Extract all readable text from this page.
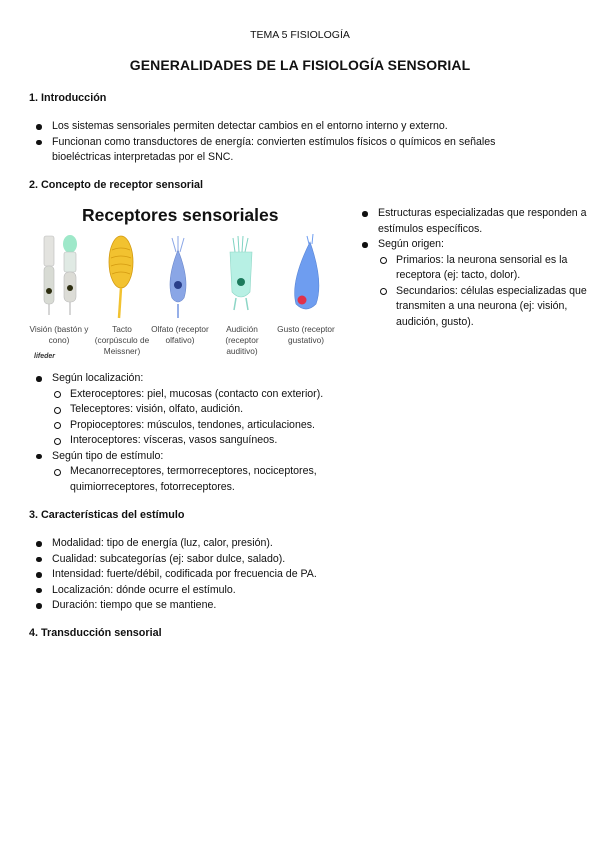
TEMA 5 FISIOLOGÍA
GENERALIDADES DE LA FISIOLOGÍA SENSORIAL
1. Introducción
Los sistemas sensoriales permiten detectar cambios en el entorno interno y externo.
Funcionan como transductores de energía: convierten estímulos físicos o químicos en señales bioeléctricas interpretadas por el SNC.
2. Concepto de receptor sensorial
Receptores sensoriales
Visión (bastón y cono)
Tacto (corpúsculo de Meissner)
Olfato (receptor olfativo)
Audición (receptor auditivo)
Gusto (receptor gustativo)
lifeder
Estructuras especializadas que responden a estímulos específicos.
Según origen:
Primarios: la neurona sensorial es la receptora (ej: tacto, dolor).
Secundarios: células especializadas que transmiten a una neurona (ej: visión, audición, gusto).
Según localización:
Exteroceptores: piel, mucosas (contacto con exterior).
Teleceptores: visión, olfato, audición.
Propioceptores: músculos, tendones, articulaciones.
Interoceptores: vísceras, vasos sanguíneos.
Según tipo de estímulo:
Mecanorreceptores, termorreceptores, nociceptores, quimiorreceptores, fotorreceptores.
3. Características del estímulo
Modalidad: tipo de energía (luz, calor, presión).
Cualidad: subcategorías (ej: sabor dulce, salado).
Intensidad: fuerte/débil, codificada por frecuencia de PA.
Localización: dónde ocurre el estímulo.
Duración: tiempo que se mantiene.
4. Transducción sensorial
